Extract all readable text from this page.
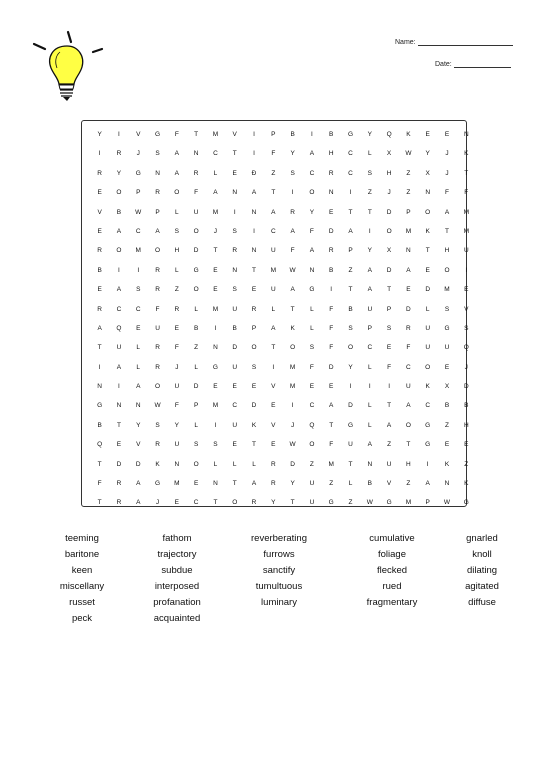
Name:
Date:
Y I V G F T M V I P B I B G Y Q K E E N
I R J S A N C T	I	F Y A H C L X W Y J K
R Y G N A R L E Ð Z S C R C S H Z X J T
E O P R O F A N A T	I O N I	Z J Z N F F
V B W P L U M I N A R Y E T T D P O A M
E A C A S O J S I C A F D A I O M K T M
R O M O H D T R N U F A R P Y X N T H U
B I	I R L G E N T M W N B Z A D A E O I
E A S R Z O E S E U A G I	T A T E D M E
R C C F R L M U R L T L F B U P D L S V
A Q E U E B I B P A K L F S P S R U G S
T U L R F Z N D O T O S F O C E F U U Q
I A L R J L G U S I M F D Y L F C O E J
N I A O U D E E E V M E E I	I	I U K X D
G N N W F P M C D E I C A D L T A C B B
B T Y S Y L	I U K V J Q T G L A O G Z H
Q E V R U S S E T E W O F U A Z T G E E
T D D K N O L L L R D Z M T N U H I K Z
F R A G M E N T A R Y U Z L B V Z A N K
T R A J E C T O R Y T U G Z W G M P W G
teeming
baritone
keen
miscellany
russet
peck
fathom
trajectory
subdue
interposed
profanation
acquainted
reverberating
furrows
sanctify
tumultuous
luminary
cumulative
foliage
flecked
rued
fragmentary
gnarled
knoll
dilating
agitated
diffuse
